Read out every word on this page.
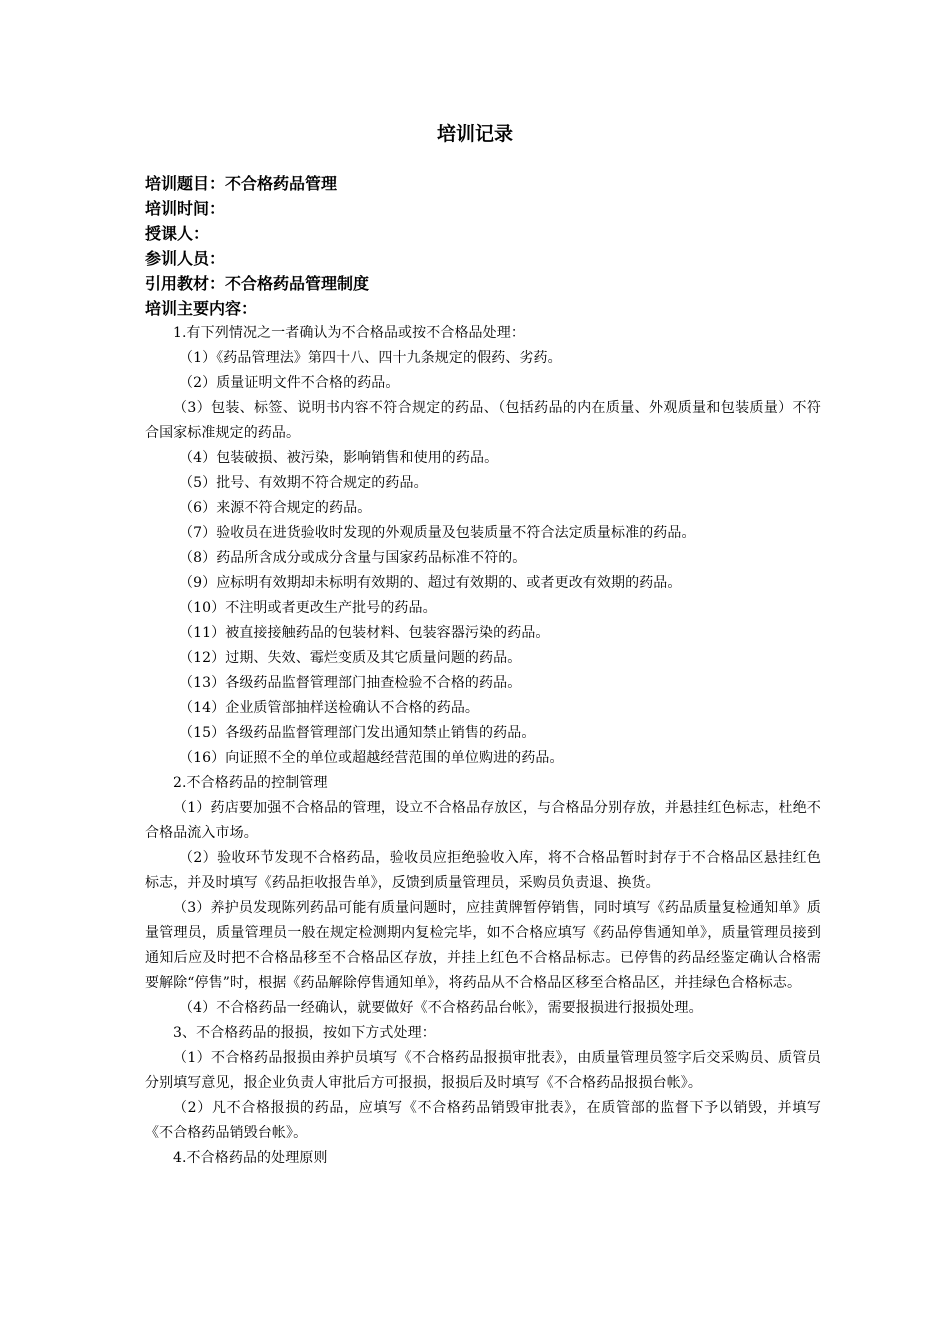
培训记录
培训题目：不合格药品管理
培训时间：
授课人：
参训人员：
引用教材：不合格药品管理制度
培训主要内容：

1.有下列情况之一者确认为不合格品或按不合格品处理：

（1）《药品管理法》第四十八、四十九条规定的假药、劣药。

（2）质量证明文件不合格的药品。

（3）包装、标签、说明书内容不符合规定的药品、（包括药品的内在质量、外观质量和包装质量）不符合国家标准规定的药品。

（4）包装破损、被污染，影响销售和使用的药品。

（5）批号、有效期不符合规定的药品。

（6）来源不符合规定的药品。

（7）验收员在进货验收时发现的外观质量及包装质量不符合法定质量标准的药品。

（8）药品所含成分或成分含量与国家药品标准不符的。

（9）应标明有效期却未标明有效期的、超过有效期的、或者更改有效期的药品。

（10）不注明或者更改生产批号的药品。

（11）被直接接触药品的包装材料、包装容器污染的药品。

（12）过期、失效、霉烂变质及其它质量问题的药品。

（13）各级药品监督管理部门抽查检验不合格的药品。

（14）企业质管部抽样送检确认不合格的药品。

（15）各级药品监督管理部门发出通知禁止销售的药品。

（16）向证照不全的单位或超越经营范围的单位购进的药品。

2.不合格药品的控制管理

（1）药店要加强不合格品的管理，设立不合格品存放区，与合格品分别存放，并悬挂红色标志，杜绝不合格品流入市场。

（2）验收环节发现不合格药品，验收员应拒绝验收入库，将不合格品暂时封存于不合格品区悬挂红色标志，并及时填写《药品拒收报告单》，反馈到质量管理员，采购员负责退、换货。

（3）养护员发现陈列药品可能有质量问题时，应挂黄牌暂停销售，同时填写《药品质量复检通知单》质量管理员，质量管理员一般在规定检测期内复检完毕，如不合格应填写《药品停售通知单》，质量管理员接到通知后应及时把不合格品移至不合格品区存放，并挂上红色不合格品标志。已停售的药品经鉴定确认合格需要解除“停售”时，根据《药品解除停售通知单》，将药品从不合格品区移至合格品区，并挂绿色合格标志。

（4）不合格药品一经确认，就要做好《不合格药品台帐》，需要报损进行报损处理。

3、不合格药品的报损，按如下方式处理：

（1）不合格药品报损由养护员填写《不合格药品报损审批表》，由质量管理员签字后交采购员、质管员分别填写意见，报企业负责人审批后方可报损，报损后及时填写《不合格药品报损台帐》。

（2）凡不合格报损的药品，应填写《不合格药品销毁审批表》，在质管部的监督下予以销毁，并填写《不合格药品销毁台帐》。

4.不合格药品的处理原则
